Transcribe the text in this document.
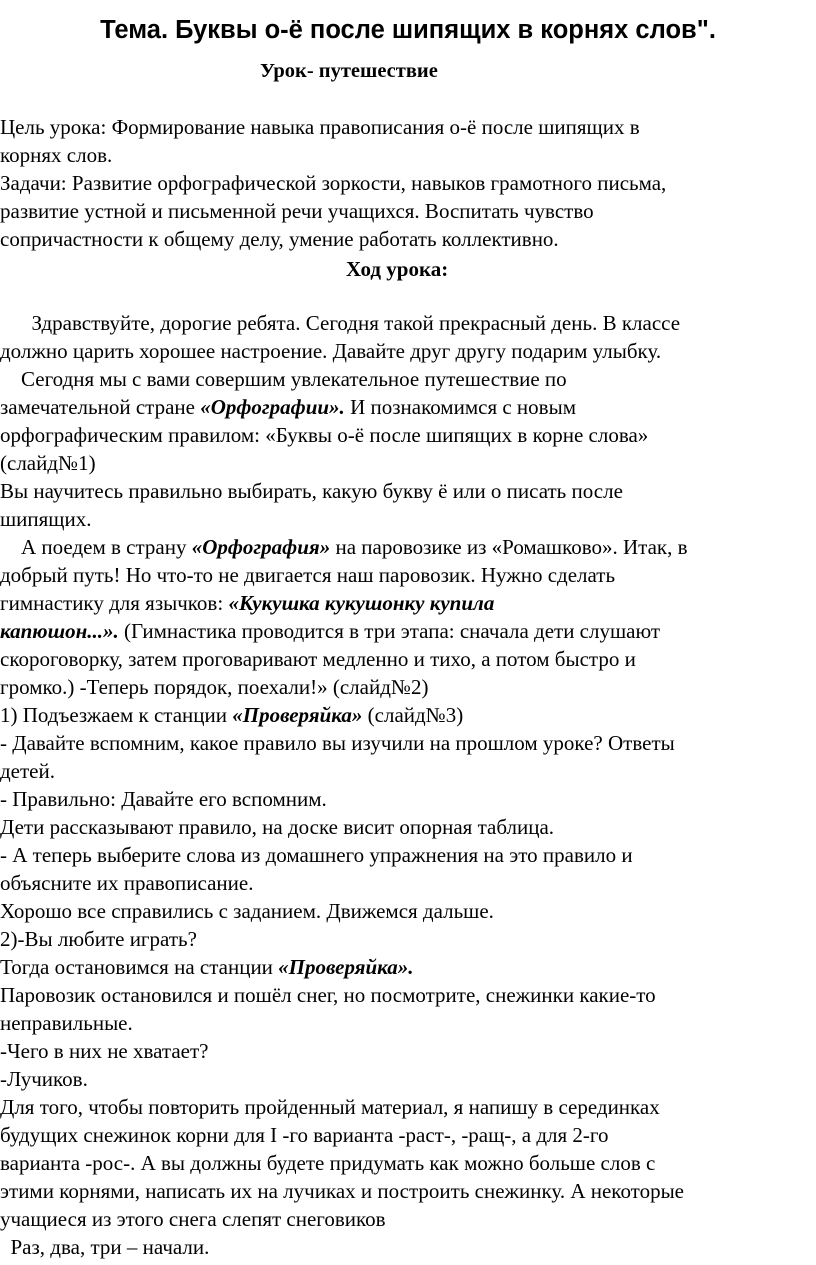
Тема. Буквы о-ё после шипящих в корнях слов".
Урок- путешествие
Ход урока:
Цель урока: Формирование навыка правописания о-ё после шипящих в
корнях слов.
Задачи: Развитие орфографической зоркости, навыков грамотного письма,
развитие устной и письменной речи учащихся. Воспитать чувство
сопричастности к общему делу, умение работать коллективно.
Здравствуйте, дорогие ребята. Сегодня такой прекрасный день. В классе
должно царить хорошее настроение. Давайте друг другу подарим улыбку.
Сегодня мы с вами совершим увлекательное путешествие по
замечательной стране «Орфографии». И познакомимся с новым
орфографическим правилом: «Буквы о-ё после шипящих в корне слова»
(слайд№1)
Вы научитесь правильно выбирать, какую букву ё или о писать после
шипящих.
А поедем в страну «Орфография» на паровозике из «Ромашково». Итак, в
добрый путь! Но что-то не двигается наш паровозик. Нужно сделать
гимнастику для язычков: «Кукушка кукушонку купила
капюшон...». (Гимнастика проводится в три этапа: сначала дети слушают
скороговорку, затем проговаривают медленно и тихо, а потом быстро и
громко.) -Теперь порядок, поехали!» (слайд№2)
1) Подъезжаем к станции «Проверяйка» (слайд№3)
- Давайте вспомним, какое правило вы изучили на прошлом уроке? Ответы
детей.
- Правильно: Давайте его вспомним.
Дети рассказывают правило, на доске висит опорная таблица.
- А теперь выберите слова из домашнего упражнения на это правило и
объясните их правописание.
Хорошо все справились с заданием. Движемся дальше.
2)-Вы любите играть?
Тогда остановимся на станции «Проверяйка».
Паровозик остановился и пошёл снег, но посмотрите, снежинки какие-то
неправильные.
-Чего в них не хватает?
-Лучиков.
Для того, чтобы повторить пройденный материал, я напишу в серединках
будущих снежинок корни для I -го варианта -раст-, -ращ-, а для 2-го
варианта -рос-. А вы должны будете придумать как можно больше слов с
этими корнями, написать их на лучиках и построить снежинку. А некоторые
учащиеся из этого снега слепят снеговиков
Раз, два, три – начали.
